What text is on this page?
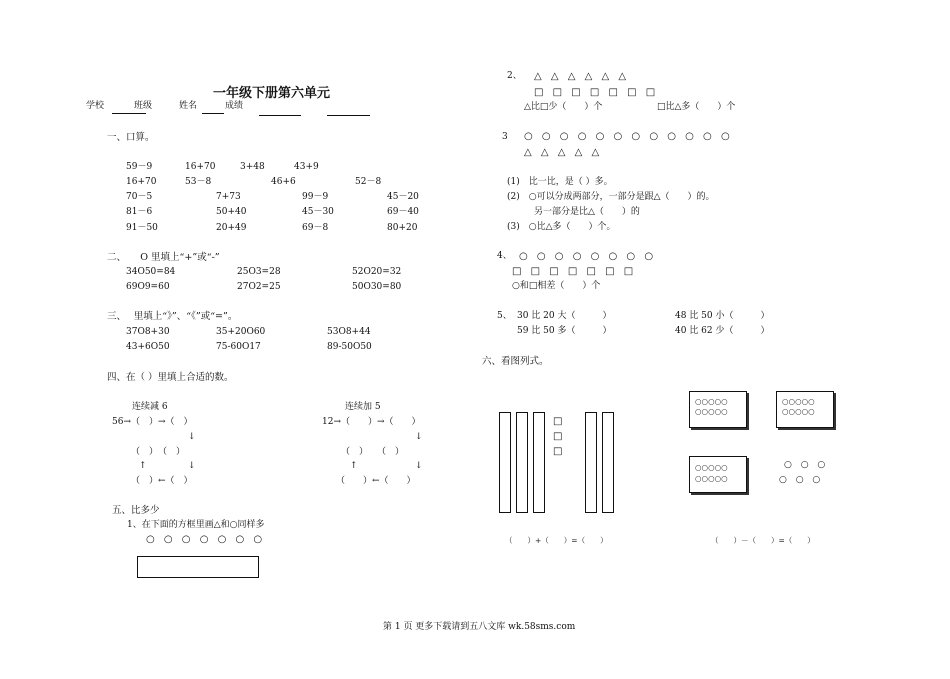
一年级下册第六单元
学校	班级	姓名	成绩
一、口算。
59－9	16+70	3+48	43+9
16+70	53－8	46+6	52－8
70－5	7+73	99－9	45－20
81－6	50+40	45－30	69－40
91－50	20+49	69－8	80+20
二、　　O 里填上“+”或“-”
34O50=84	25O3=28	52O20=32
69O9=60	27O2=25	50O30=80
三、　 里填上“》”、“《”或“=”。
37O8+30	35+20O60	53O8+44
43+6O50	75-60O17	89-50O50
四、在（ ）里填上合适的数。
连续减 6
56→ （　）→（　）
↓
（　）　（　）
↑	↓
（　）←（　）
连续加 5
12→ （　　）→（　　）
↓
（　）　　（　）
↑	↓
（　　）←（　　）
五、比多少
1、在下面的方框里画△和○同样多
○ ○ ○ ○ ○ ○ ○
2、 △ △ △ △ △ △
□ □ □ □ □ □ □
△比□少（　　）个	□比△多（　　）个
3 ○ ○ ○ ○ ○ ○ ○ ○ ○ ○ ○ ○
△ △ △ △ △
(1)　比一比，是（ ）多。
(2)　○可以分成两部分，一部分是跟△（　　）的。
另一部分是比△（　　）的
(3)　○比△多（　　）个。
4、 ○ ○ ○ ○ ○ ○ ○ ○
□ □ □ □ □ □ □
○和□相差（　　）个
5、 30 比 20 大（　　　）	48 比 50 小（　　　）
59 比 50 多（　　　）	40 比 62 少（　　　）
六、看图列式。
□
□
□
○○○○○
○○○○○
○○○○○
○○○○○
○○○○○
○○○○○
○ ○ ○
○ ○ ○
（　　）+（　　）=（　　）	（　　）－（　　）=（　　）
第 1 页 更多下载请到五八文库 wk.58sms.com
